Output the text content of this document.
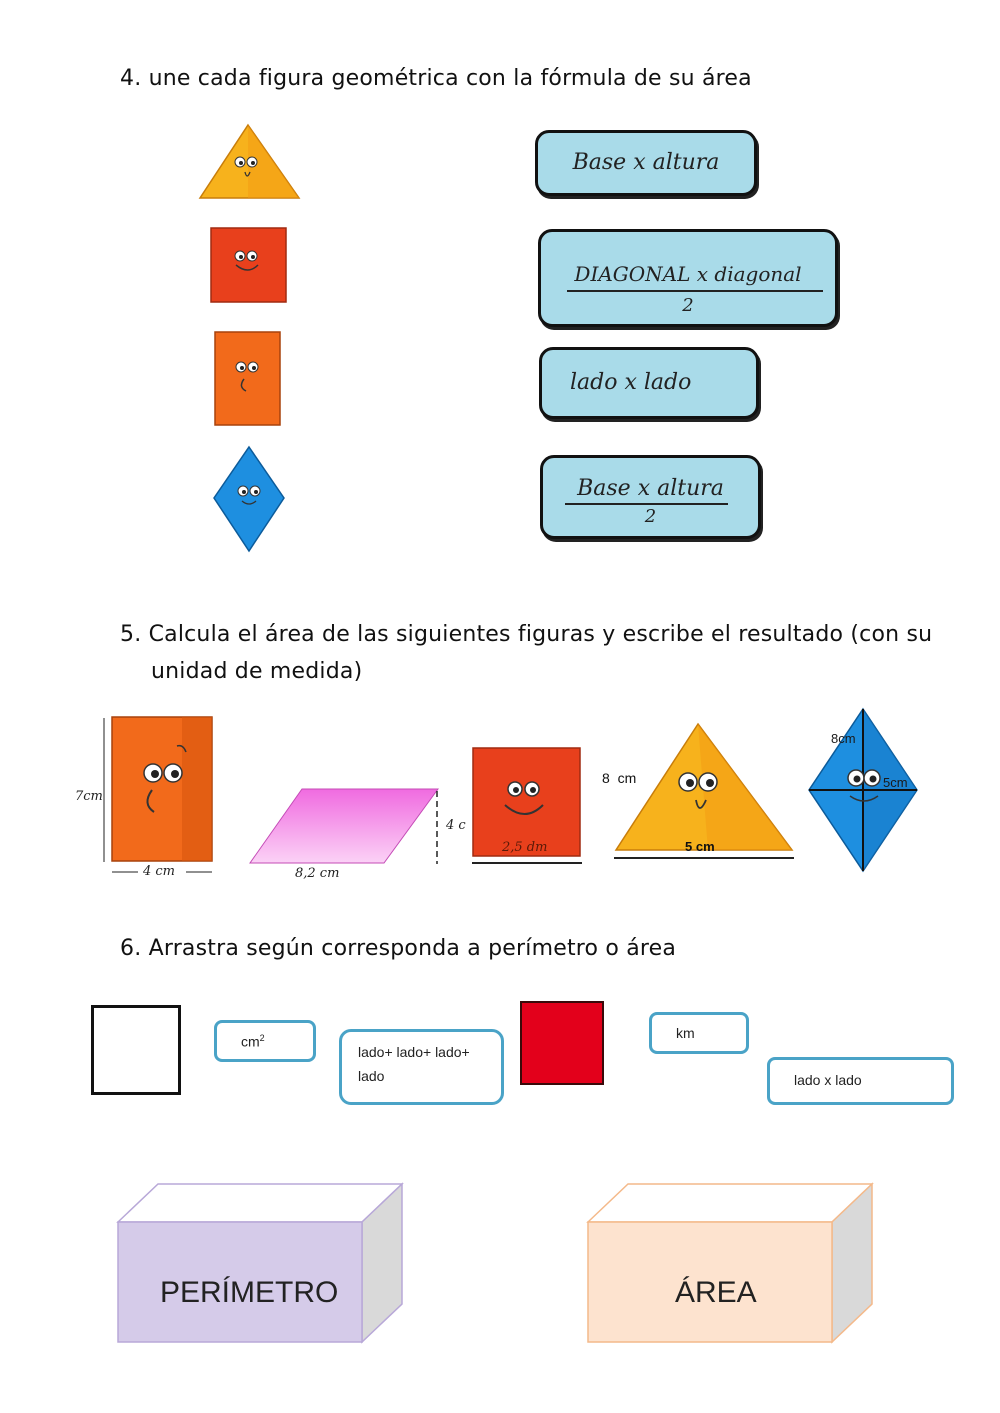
4. une cada figura geométrica con la fórmula de su área
Base x altura
DIAGONAL x diagonal
2
lado x lado
Base x altura
2
5. Calcula el área de las siguientes figuras y escribe el resultado (con su
unidad de medida)
7cm
4 cm
4 c
8,2 cm
2,5 dm
8  cm
5 cm
8cm
5cm
6. Arrastra según corresponda a perímetro o área
$cm^2$
lado+ lado+ lado+
lado
km
lado x lado
PERÍMETRO	ÁREA
